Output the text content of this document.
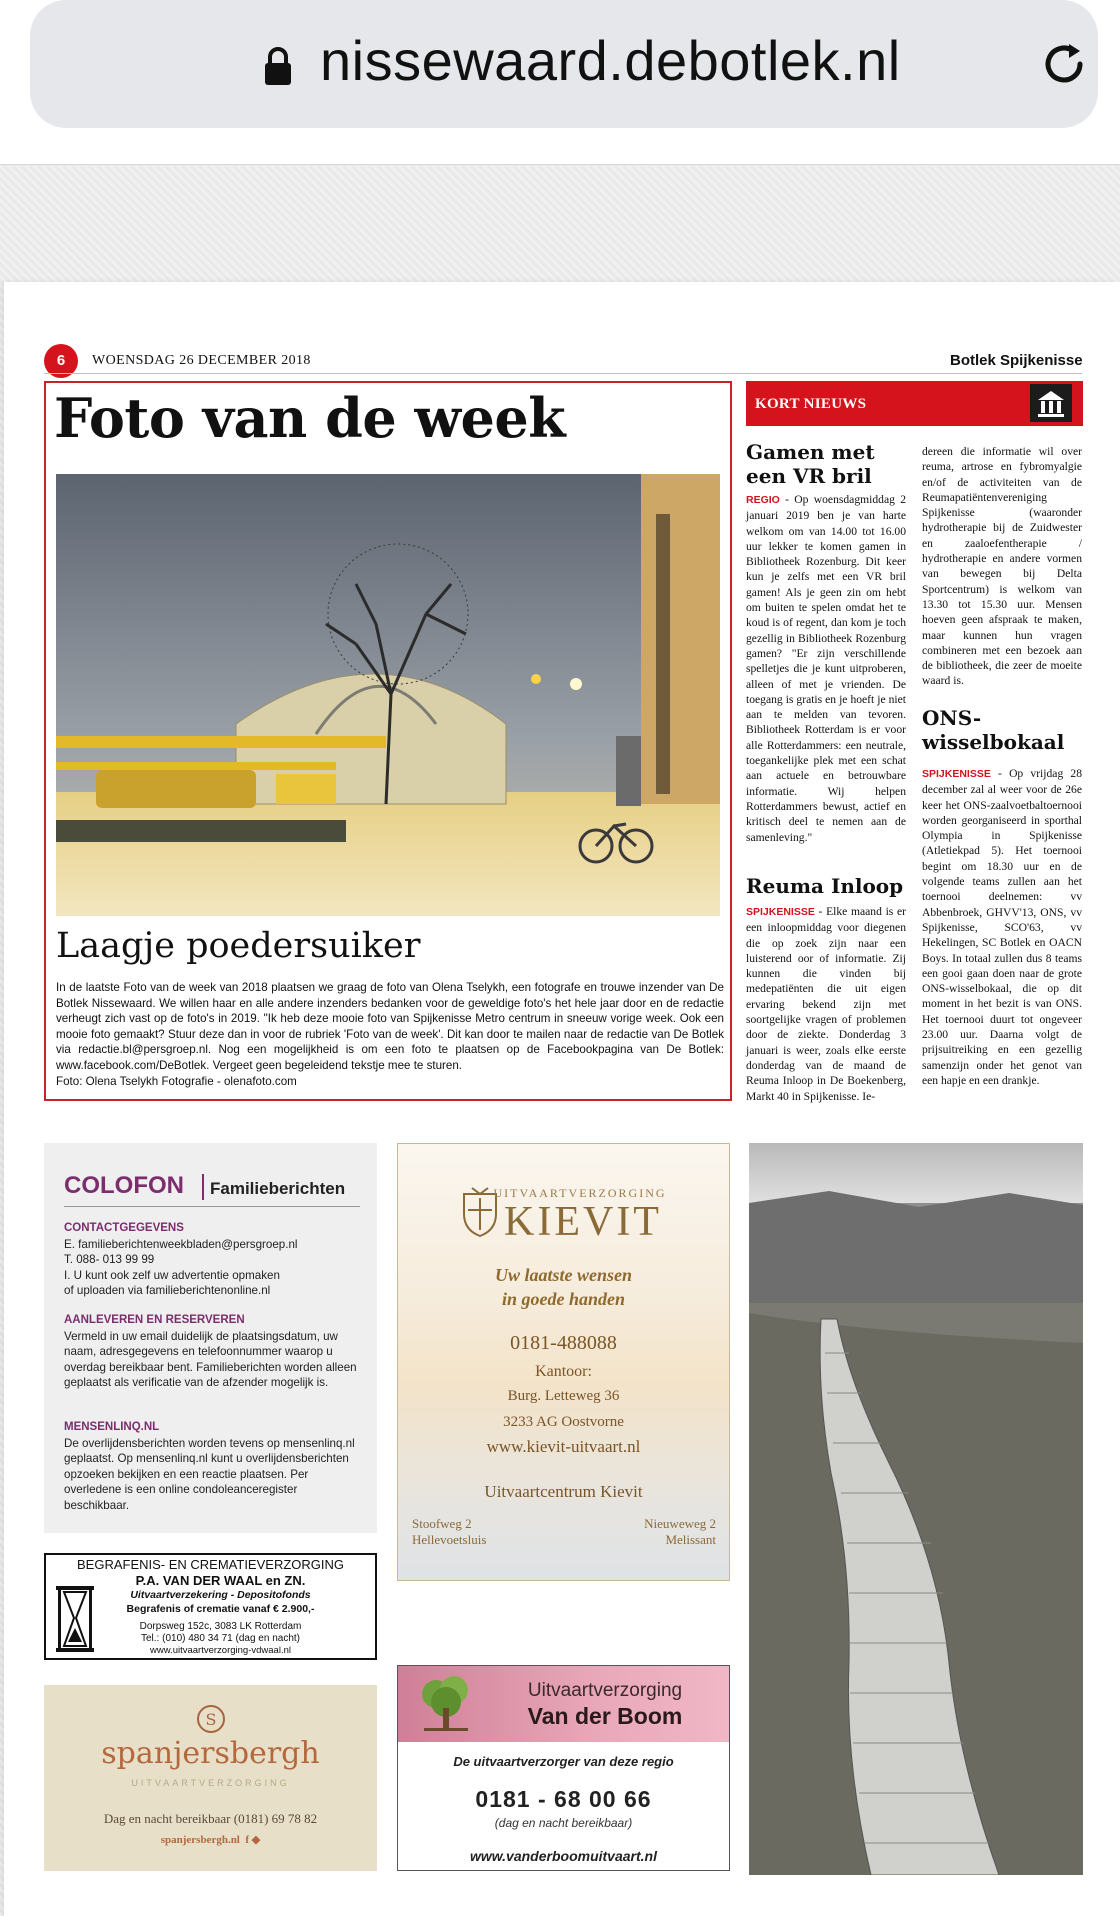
nissewaard.debotlek.nl
6	WOENSDAG 26 DECEMBER 2018	Botlek Spijkenisse
Foto van de week
Laagje poedersuiker
In de laatste Foto van de week van 2018 plaatsen we graag de foto van Olena Tselykh, een fotografe en trouwe inzender van De Botlek Nissewaard. We willen haar en alle andere inzenders bedanken voor de geweldige foto's het hele jaar door en de redactie verheugt zich vast op de foto's in 2019. "Ik heb deze mooie foto van Spijkenisse Metro centrum in sneeuw vorige week. Ook een mooie foto gemaakt? Stuur deze dan in voor de rubriek 'Foto van de week'. Dit kan door te mailen naar de redactie van De Botlek via redactie.bl@persgroep.nl. Nog een mogelijkheid is om een foto te plaatsen op de Facebookpagina van De Botlek: www.facebook.com/DeBotlek. Vergeet geen begeleidend tekstje mee te sturen.
Foto: Olena Tselykh Fotografie - olenafoto.com
KORT NIEUWS
Gamen met een VR bril
REGIO - Op woensdagmiddag 2 januari 2019 ben je van harte welkom om van 14.00 tot 16.00 uur lekker te komen gamen in Bibliotheek Rozenburg. Dit keer kun je zelfs met een VR bril gamen! Als je geen zin om hebt om buiten te spelen omdat het te koud is of regent, dan kom je toch gezellig in Bibliotheek Rozenburg gamen? "Er zijn verschillende spelletjes die je kunt uitproberen, alleen of met je vrienden. De toegang is gratis en je hoeft je niet aan te melden van tevoren. Bibliotheek Rotterdam is er voor alle Rotterdammers: een neutrale, toegankelijke plek met een schat aan actuele en betrouwbare informatie. Wij helpen Rotterdammers bewust, actief en kritisch deel te nemen aan de samenleving."
Reuma Inloop
SPIJKENISSE - Elke maand is er een inloopmiddag voor diegenen die op zoek zijn naar een luisterend oor of informatie. Zij kunnen die vinden bij medepatiënten die uit eigen ervaring bekend zijn met soortgelijke vragen of problemen door de ziekte. Donderdag 3 januari is weer, zoals elke eerste donderdag van de maand de Reuma Inloop in De Boekenberg, Markt 40 in Spijkenisse. Ie-
dereen die informatie wil over reuma, artrose en fybromyalgie en/of de activiteiten van de Reumapatiëntenvereniging Spijkenisse (waaronder hydrotherapie bij de Zuidwester en zaaloefentherapie / hydrotherapie en andere vormen van bewegen bij Delta Sportcentrum) is welkom van 13.30 tot 15.30 uur. Mensen hoeven geen afspraak te maken, maar kunnen hun vragen combineren met een bezoek aan de bibliotheek, die zeer de moeite waard is.
ONS-wisselbokaal
SPIJKENISSE - Op vrijdag 28 december zal al weer voor de 26e keer het ONS-zaalvoetbaltoernooi worden georganiseerd in sporthal Olympia in Spijkenisse (Atletiekpad 5). Het toernooi begint om 18.30 uur en de volgende teams zullen aan het toernooi deelnemen: vv Abbenbroek, GHVV'13, ONS, vv Spijkenisse, SCO'63, vv Hekelingen, SC Botlek en OACN Boys. In totaal zullen dus 8 teams een gooi gaan doen naar de grote ONS-wisselbokaal, die op dit moment in het bezit is van ONS. Het toernooi duurt tot ongeveer 23.00 uur. Daarna volgt de prijsuitreiking en een gezellig samenzijn onder het genot van een hapje en een drankje.
COLOFON Familieberichten
CONTACTGEGEVENS
E. familieberichtenweekbladen@persgroep.nl
T. 088- 013 99 99
I. U kunt ook zelf uw advertentie opmaken
of uploaden via familieberichtenonline.nl
AANLEVEREN EN RESERVEREN
Vermeld in uw email duidelijk de plaatsingsdatum, uw naam, adresgegevens en telefoonnummer waarop u overdag bereikbaar bent. Familieberichten worden alleen geplaatst als verificatie van de afzender mogelijk is.
MENSENLINQ.NL
De overlijdensberichten worden tevens op mensenlinq.nl geplaatst. Op mensenlinq.nl kunt u overlijdensberichten opzoeken bekijken en een reactie plaatsen. Per overledene is een online condoleanceregister beschikbaar.
BEGRAFENIS- EN CREMATIEVERZORGING
P.A. VAN DER WAAL en ZN.
Uitvaartverzekering - Depositofonds
Begrafenis of crematie vanaf € 2.900,-
Dorpsweg 152c, 3083 LK Rotterdam
Tel.: (010) 480 34 71 (dag en nacht)
www.uitvaartverzorging-vdwaal.nl
S
spanjersbergh
UITVAARTVERZORGING
Dag en nacht bereikbaar (0181) 69 78 82
spanjersbergh.nl f ◆
UITVAARTVERZORGING
KIEVIT
Uw laatste wensen
in goede handen
0181-488088
Kantoor:
Burg. Letteweg 36
3233 AG Oostvorne
www.kievit-uitvaart.nl
Uitvaartcentrum Kievit
Stoofweg 2
Hellevoetsluis
Nieuweweg 2
Melissant
Uitvaartverzorging
Van der Boom
De uitvaartverzorger van deze regio
0181 - 68 00 66
(dag en nacht bereikbaar)
www.vanderboomuitvaart.nl
